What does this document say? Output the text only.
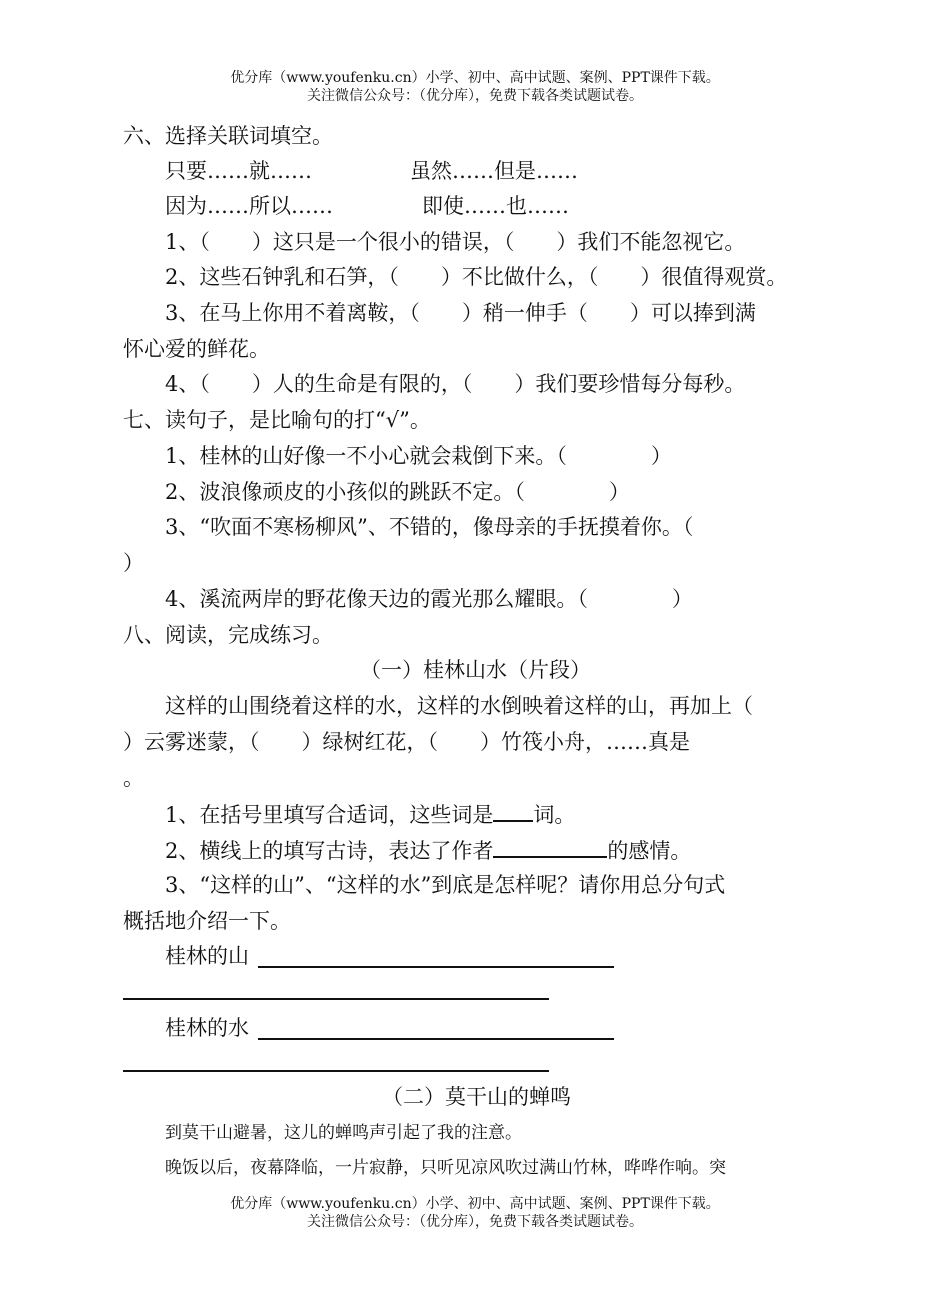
优分库（www.youfenku.cn）小学、初中、高中试题、案例、PPT课件下载。
关注微信公众号：（优分库），免费下载各类试题试卷。
六、选择关联词填空。
只要……就……	虽然……但是……
因为……所以……	即使……也……
1、（　　）这只是一个很小的错误，（　　）我们不能忽视它。
2、这些石钟乳和石笋，（　　）不比做什么，（　　）很值得观赏。
3、在马上你用不着离鞍，（　　）稍一伸手（　　）可以捧到满
怀心爱的鲜花。
4、（　　）人的生命是有限的，（　　）我们要珍惜每分每秒。
七、读句子，是比喻句的打“√”。
1、桂林的山好像一不小心就会栽倒下来。（　　　　）
2、波浪像顽皮的小孩似的跳跃不定。（　　　　）
3、“吹面不寒杨柳风”、不错的，像母亲的手抚摸着你。（
）
4、溪流两岸的野花像天边的霞光那么耀眼。（　　　　）
八、阅读，完成练习。
（一）桂林山水（片段）
这样的山围绕着这样的水，这样的水倒映着这样的山，再加上（
）云雾迷蒙，（　　）绿树红花，（　　）竹筏小舟，……真是
。
1、在括号里填写合适词，这些词是 词。
2、横线上的填写古诗，表达了作者	的感情。
3、“这样的山”、“这样的水”到底是怎样呢？请你用总分句式
概括地介绍一下。
桂林的山
桂林的水
（二）莫干山的蝉鸣
到莫干山避暑，这儿的蝉鸣声引起了我的注意。
晚饭以后，夜幕降临，一片寂静，只听见凉风吹过满山竹林，哗哗作响。突
优分库（www.youfenku.cn）小学、初中、高中试题、案例、PPT课件下载。
关注微信公众号：（优分库），免费下载各类试题试卷。
